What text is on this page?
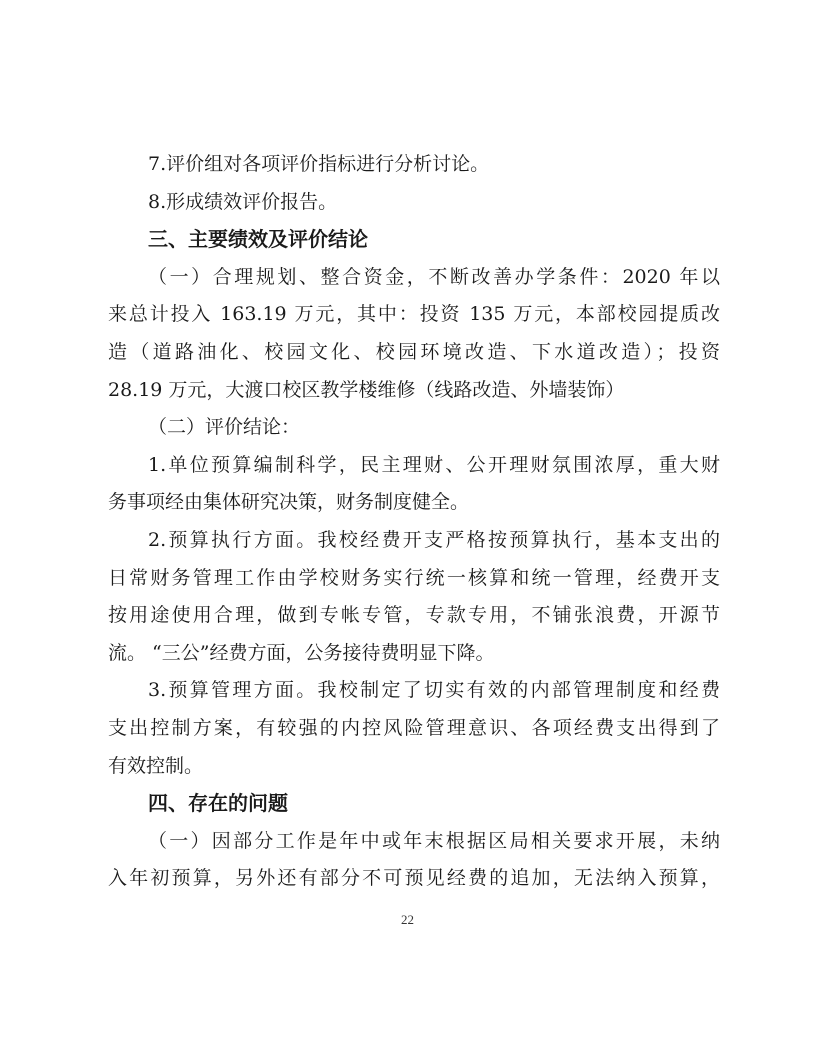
7.评价组对各项评价指标进行分析讨论。
8.形成绩效评价报告。
三、主要绩效及评价结论
（一）合理规划、整合资金，不断改善办学条件：2020 年以
来总计投入 163.19 万元，其中：投资 135 万元，本部校园提质改
造（道路油化、校园文化、校园环境改造、下水道改造）；投资
28.19 万元，大渡口校区教学楼维修（线路改造、外墙装饰）
（二）评价结论：
1.单位预算编制科学，民主理财、公开理财氛围浓厚，重大财
务事项经由集体研究决策，财务制度健全。
2.预算执行方面。我校经费开支严格按预算执行，基本支出的
日常财务管理工作由学校财务实行统一核算和统一管理，经费开支
按用途使用合理，做到专帐专管，专款专用，不铺张浪费，开源节
流。 “三公”经费方面，公务接待费明显下降。
3.预算管理方面。我校制定了切实有效的内部管理制度和经费
支出控制方案，有较强的内控风险管理意识、各项经费支出得到了
有效控制。
四、存在的问题
（一）因部分工作是年中或年末根据区局相关要求开展，未纳
入年初预算，另外还有部分不可预见经费的追加，无法纳入预算，
22
